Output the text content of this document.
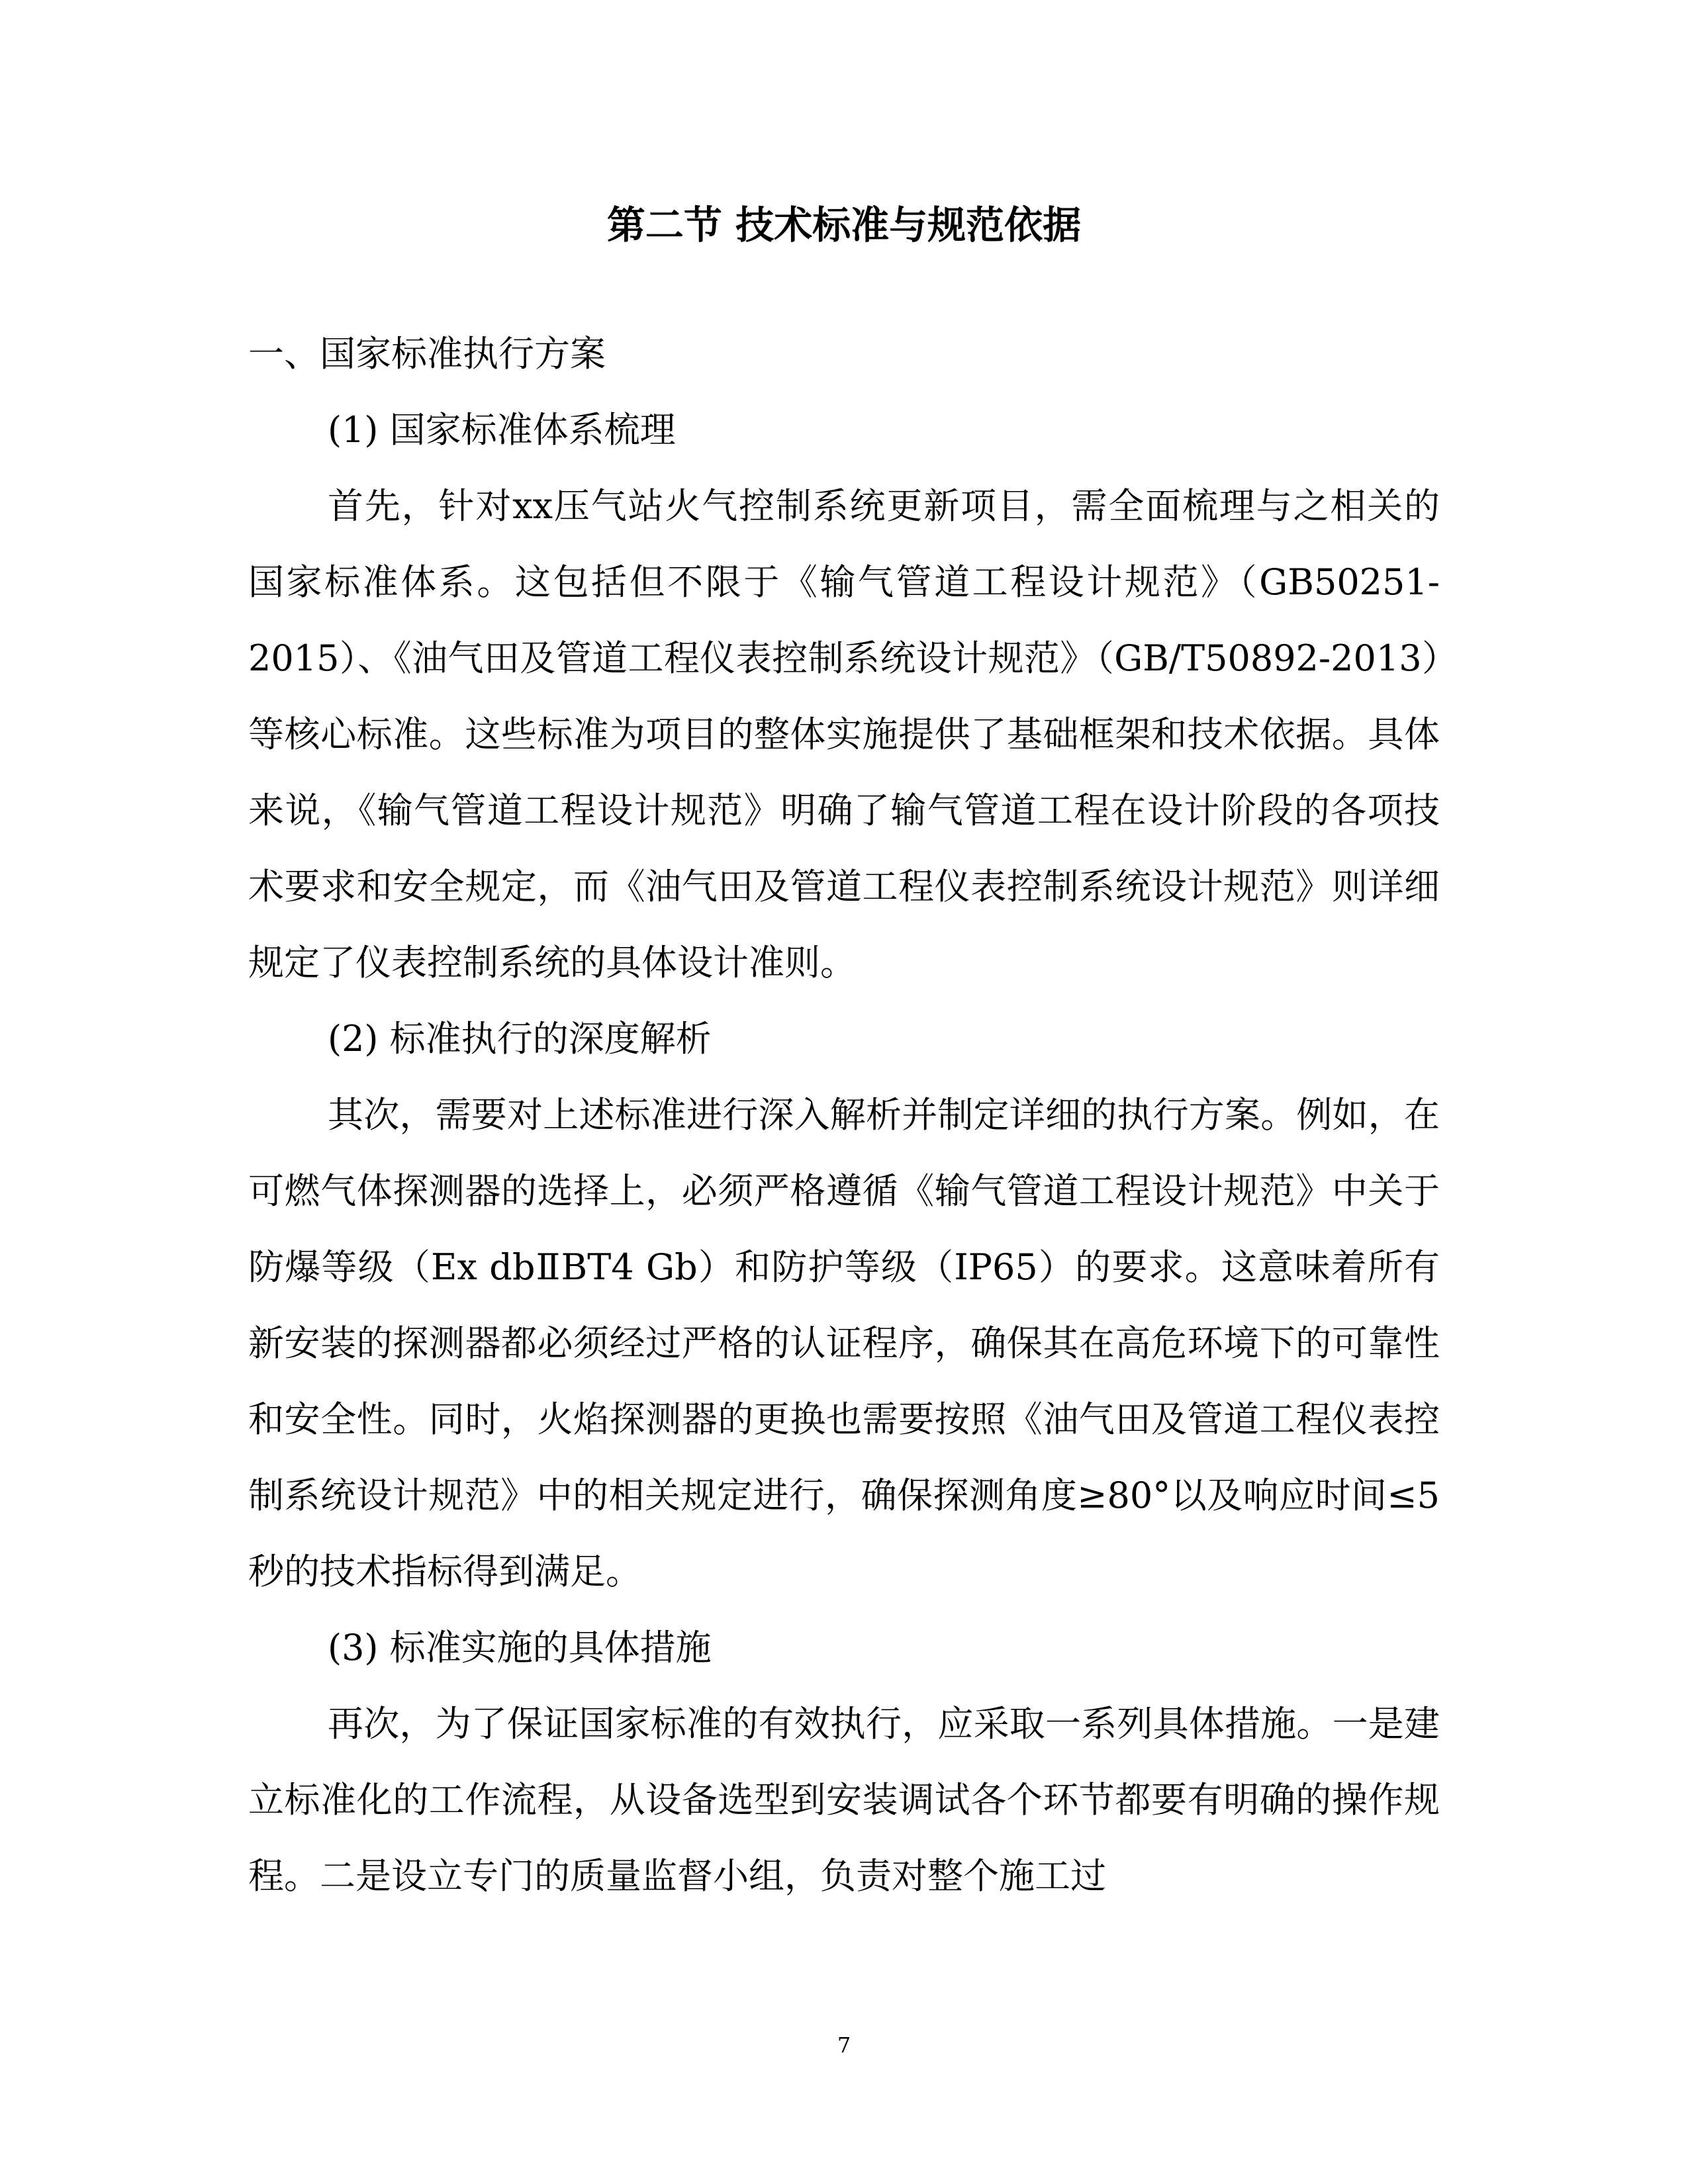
第二节 技术标准与规范依据

一、国家标准执行方案

(1) 国家标准体系梳理

首先，针对xx压气站火气控制系统更新项目，需全面梳理与之相关的国家标准体系。这包括但不限于《输气管道工程设计规范》（GB50251-2015）、《油气田及管道工程仪表控制系统设计规范》（GB/T50892-2013）等核心标准。这些标准为项目的整体实施提供了基础框架和技术依据。具体来说，《输气管道工程设计规范》明确了输气管道工程在设计阶段的各项技术要求和安全规定，而《油气田及管道工程仪表控制系统设计规范》则详细规定了仪表控制系统的具体设计准则。

(2) 标准执行的深度解析

其次，需要对上述标准进行深入解析并制定详细的执行方案。例如，在可燃气体探测器的选择上，必须严格遵循《输气管道工程设计规范》中关于防爆等级（Ex dbⅡBT4 Gb）和防护等级（IP65）的要求。这意味着所有新安装的探测器都必须经过严格的认证程序，确保其在高危环境下的可靠性和安全性。同时，火焰探测器的更换也需要按照《油气田及管道工程仪表控制系统设计规范》中的相关规定进行，确保探测角度≥80°以及响应时间≤5秒的技术指标得到满足。

(3) 标准实施的具体措施

再次，为了保证国家标准的有效执行，应采取一系列具体措施。一是建立标准化的工作流程，从设备选型到安装调试各个环节都要有明确的操作规程。二是设立专门的质量监督小组，负责对整个施工过

7
